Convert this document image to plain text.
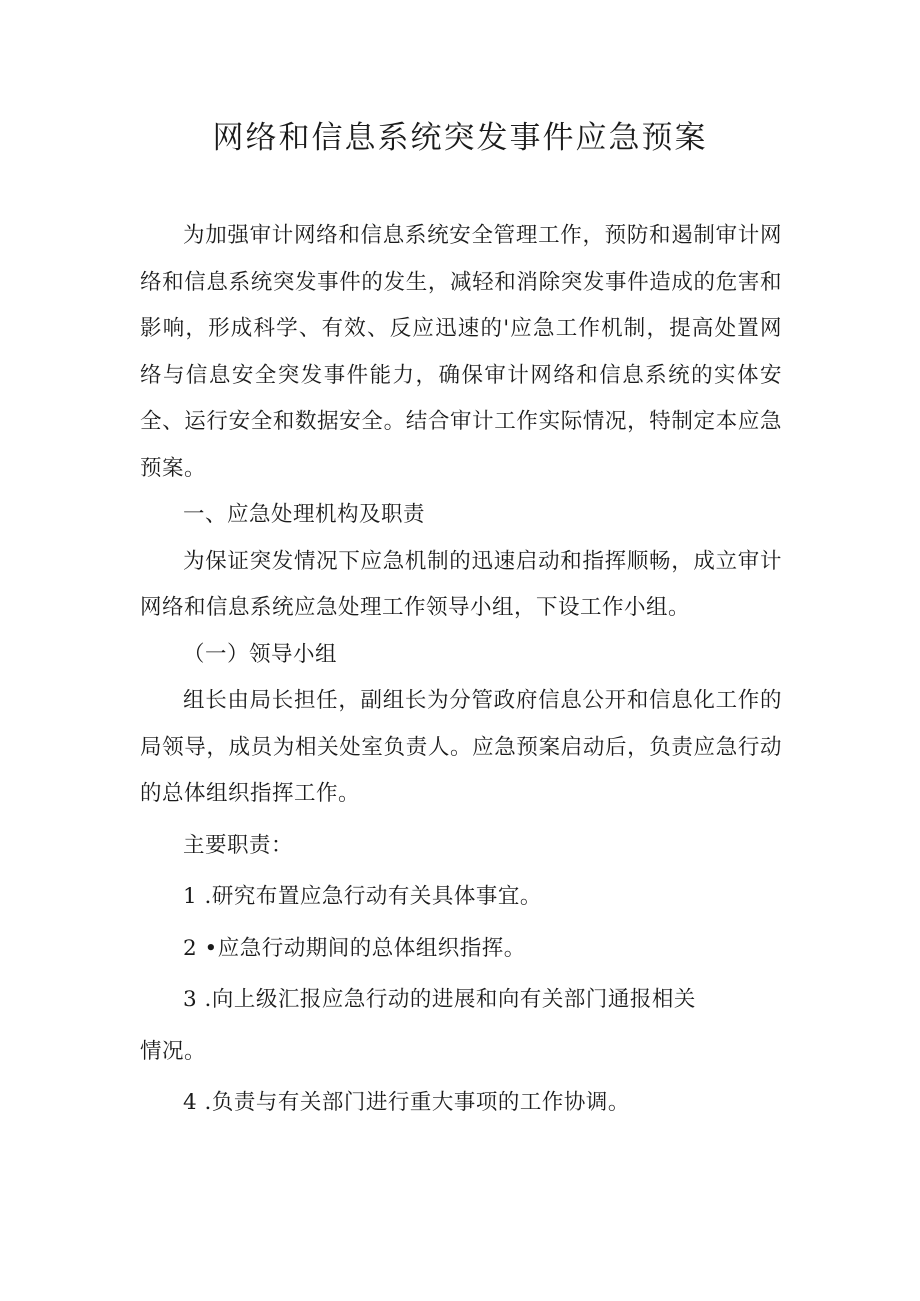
网络和信息系统突发事件应急预案

为加强审计网络和信息系统安全管理工作，预防和遏制审计网络和信息系统突发事件的发生，减轻和消除突发事件造成的危害和影响，形成科学、有效、反应迅速的'应急工作机制，提高处置网络与信息安全突发事件能力，确保审计网络和信息系统的实体安全、运行安全和数据安全。结合审计工作实际情况，特制定本应急预案。

一、应急处理机构及职责

为保证突发情况下应急机制的迅速启动和指挥顺畅，成立审计网络和信息系统应急处理工作领导小组，下设工作小组。

（一）领导小组

组长由局长担任，副组长为分管政府信息公开和信息化工作的局领导，成员为相关处室负责人。应急预案启动后，负责应急行动的总体组织指挥工作。

主要职责：

1 .研究布置应急行动有关具体事宜。

2 •应急行动期间的总体组织指挥。

3 .向上级汇报应急行动的进展和向有关部门通报相关

情况。

4 .负责与有关部门进行重大事项的工作协调。
